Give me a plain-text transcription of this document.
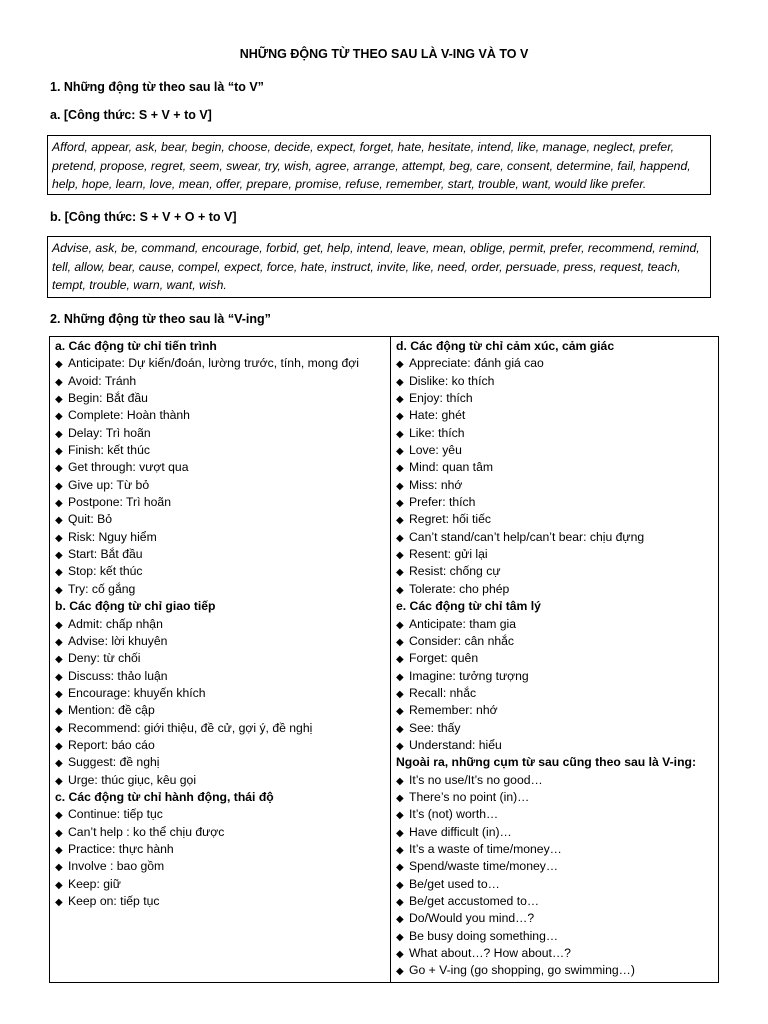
NHỮNG ĐỘNG TỪ THEO SAU LÀ V-ING VÀ TO V
1. Những động từ theo sau là “to V”
a. [Công thức: S + V + to V]
Afford, appear, ask, bear, begin, choose, decide, expect, forget, hate, hesitate, intend, like, manage, neglect, prefer, pretend, propose, regret, seem, swear, try, wish, agree, arrange, attempt, beg, care, consent, determine, fail, happend, help, hope, learn, love, mean, offer, prepare, promise, refuse, remember, start, trouble, want, would like prefer.
b. [Công thức: S + V + O + to V]
Advise, ask, be, command, encourage, forbid, get, help, intend, leave, mean, oblige, permit, prefer, recommend, remind, tell, allow, bear, cause, compel, expect, force, hate, instruct, invite, like, need, order, persuade, press, request, teach, tempt, trouble, warn, want, wish.
2. Những động từ theo sau là “V-ing”
a. Các động từ chỉ tiến trình
◆ Anticipate: Dự kiến/đoán, lường trước, tính, mong đợi
◆ Avoid: Tránh
◆ Begin: Bắt đầu
◆ Complete: Hoàn thành
◆ Delay: Trì hoãn
◆ Finish: kết thúc
◆ Get through: vượt qua
◆ Give up: Từ bỏ
◆ Postpone: Trì hoãn
◆ Quit: Bỏ
◆ Risk: Nguy hiểm
◆ Start: Bắt đầu
◆ Stop: kết thúc
◆ Try: cố gắng
b. Các động từ chỉ giao tiếp
◆ Admit: chấp nhận
◆ Advise: lời khuyên
◆ Deny: từ chối
◆ Discuss: thảo luận
◆ Encourage: khuyến khích
◆ Mention: đề cập
◆ Recommend: giới thiệu, đề cử, gợi ý, đề nghị
◆ Report: báo cáo
◆ Suggest: đề nghị
◆ Urge: thúc giục, kêu gọi
c. Các động từ chỉ hành động, thái độ
◆ Continue: tiếp tục
◆ Can’t help : ko thể chịu được
◆ Practice: thực hành
◆ Involve : bao gồm
◆ Keep: giữ
◆ Keep on: tiếp tục
d. Các động từ chỉ cảm xúc, cảm giác
◆ Appreciate: đánh giá cao
◆ Dislike: ko thích
◆ Enjoy: thích
◆ Hate: ghét
◆ Like: thích
◆ Love: yêu
◆ Mind: quan tâm
◆ Miss: nhớ
◆ Prefer: thích
◆ Regret: hối tiếc
◆ Can’t stand/can’t help/can’t bear: chịu đựng
◆ Resent: gửi lại
◆ Resist: chống cự
◆ Tolerate: cho phép
e. Các động từ chỉ tâm lý
◆ Anticipate: tham gia
◆ Consider: cân nhắc
◆ Forget: quên
◆ Imagine: tưởng tượng
◆ Recall: nhắc
◆ Remember: nhớ
◆ See: thấy
◆ Understand: hiểu
Ngoài ra, những cụm từ sau cũng theo sau là V-ing:
◆ It’s no use/It’s no good…
◆ There’s no point (in)…
◆ It’s (not) worth…
◆ Have difficult (in)…
◆ It’s a waste of time/money…
◆ Spend/waste time/money…
◆ Be/get used to…
◆ Be/get accustomed to…
◆ Do/Would you mind…?
◆ Be busy doing something…
◆ What about…? How about…?
◆ Go + V-ing (go shopping, go swimming…)
